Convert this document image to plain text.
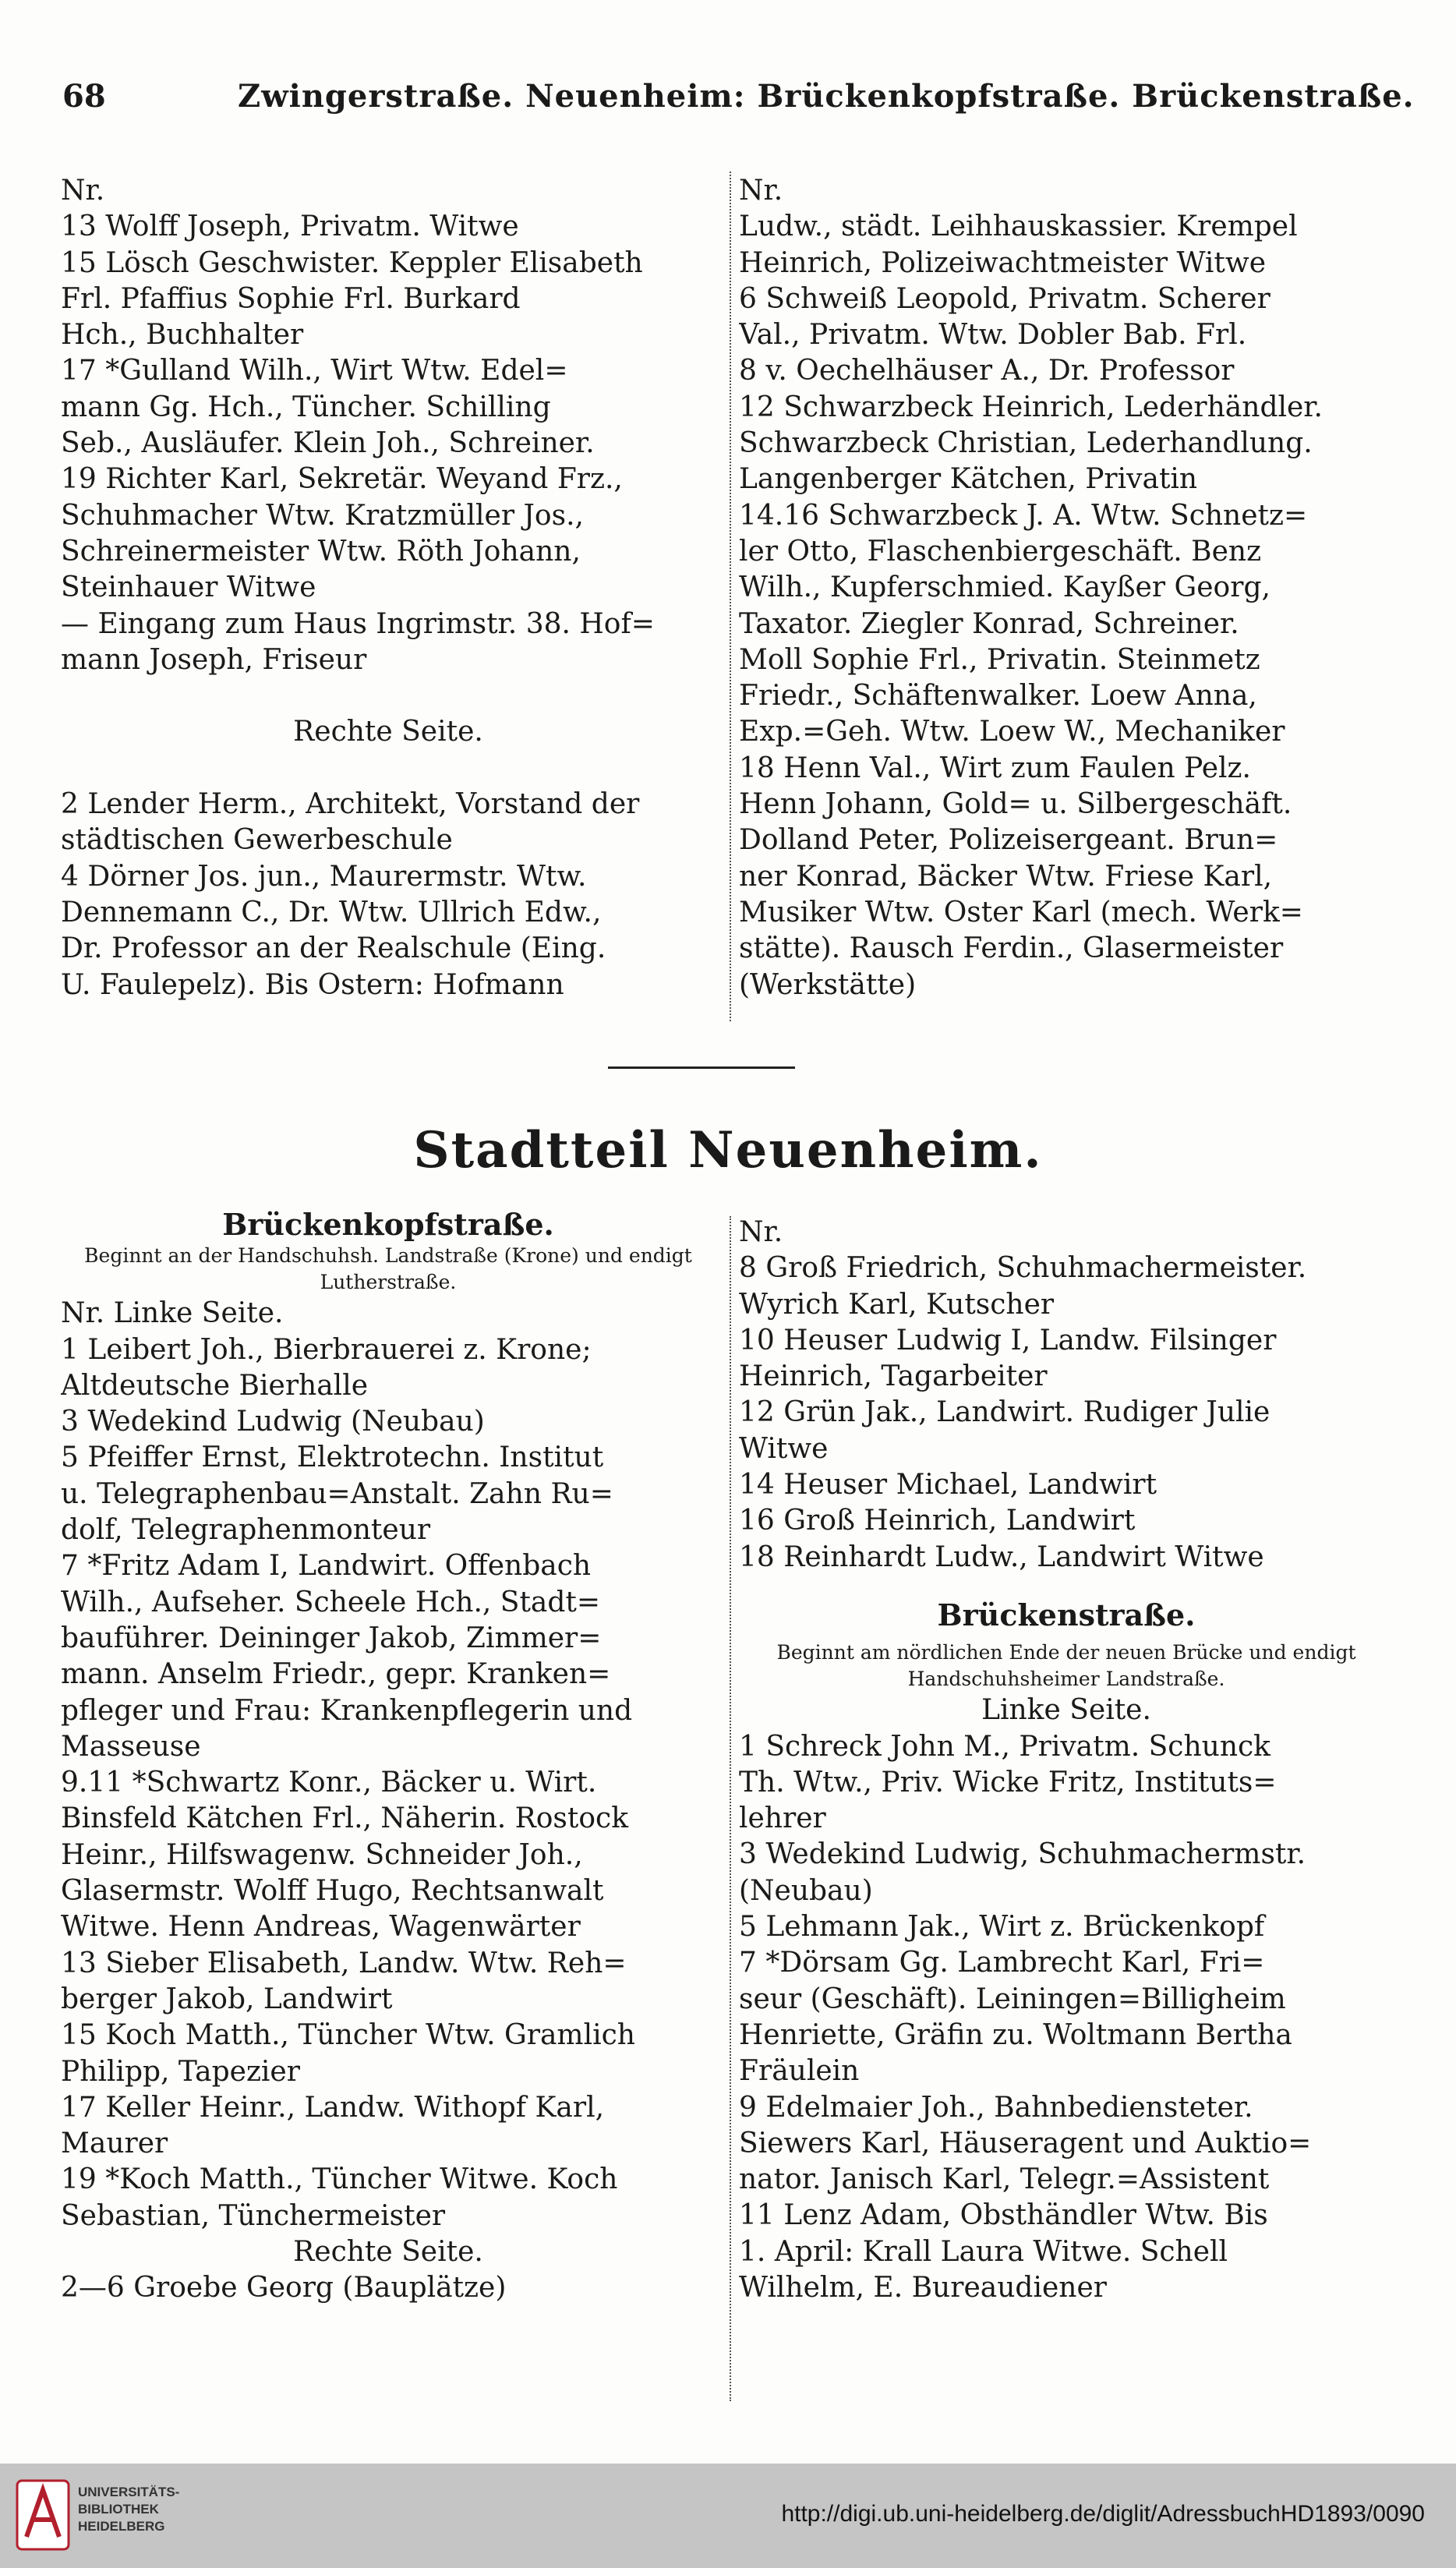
68	Zwingerstraße. Neuenheim: Brückenkopfstraße. Brückenstraße.
Nr.
13 Wolff Joseph, Privatm. Witwe
15 Lösch Geschwister. Keppler Elisabeth
Frl. Pfaffius Sophie Frl. Burkard
Hch., Buchhalter
17 *Gulland Wilh., Wirt Wtw. Edel=
mann Gg. Hch., Tüncher. Schilling
Seb., Ausläufer. Klein Joh., Schreiner.
19 Richter Karl, Sekretär. Weyand Frz.,
Schuhmacher Wtw. Kratzmüller Jos.,
Schreinermeister Wtw. Röth Johann,
Steinhauer Witwe
— Eingang zum Haus Ingrimstr. 38. Hof=
mann Joseph, Friseur

Rechte Seite.

2 Lender Herm., Architekt, Vorstand der
städtischen Gewerbeschule
4 Dörner Jos. jun., Maurermstr. Wtw.
Dennemann C., Dr. Wtw. Ullrich Edw.,
Dr. Professor an der Realschule (Eing.
U. Faulepelz). Bis Ostern: Hofmann
Nr.
Ludw., städt. Leihhauskassier. Krempel
Heinrich, Polizeiwachtmeister Witwe
6 Schweiß Leopold, Privatm. Scherer
Val., Privatm. Wtw. Dobler Bab. Frl.
8 v. Oechelhäuser A., Dr. Professor
12 Schwarzbeck Heinrich, Lederhändler.
Schwarzbeck Christian, Lederhandlung.
Langenberger Kätchen, Privatin
14.16 Schwarzbeck J. A. Wtw. Schnetz=
ler Otto, Flaschenbiergeschäft. Benz
Wilh., Kupferschmied. Kayßer Georg,
Taxator. Ziegler Konrad, Schreiner.
Moll Sophie Frl., Privatin. Steinmetz
Friedr., Schäftenwalker. Loew Anna,
Exp.=Geh. Wtw. Loew W., Mechaniker
18 Henn Val., Wirt zum Faulen Pelz.
Henn Johann, Gold= u. Silbergeschäft.
Dolland Peter, Polizeisergeant. Brun=
ner Konrad, Bäcker Wtw. Friese Karl,
Musiker Wtw. Oster Karl (mech. Werk=
stätte). Rausch Ferdin., Glasermeister
(Werkstätte)
Stadtteil Neuenheim.
Brückenkopfstraße.
Beginnt an der Handschuhsh. Landstraße (Krone) und endigt Lutherstraße.
Nr. Linke Seite.
1 Leibert Joh., Bierbrauerei z. Krone;
Altdeutsche Bierhalle
3 Wedekind Ludwig (Neubau)
5 Pfeiffer Ernst, Elektrotechn. Institut
u. Telegraphenbau=Anstalt. Zahn Ru=
dolf, Telegraphenmonteur
7 *Fritz Adam I, Landwirt. Offenbach
Wilh., Aufseher. Scheele Hch., Stadt=
bauführer. Deininger Jakob, Zimmer=
mann. Anselm Friedr., gepr. Kranken=
pfleger und Frau: Krankenpflegerin und
Masseuse
9.11 *Schwartz Konr., Bäcker u. Wirt.
Binsfeld Kätchen Frl., Näherin. Rostock
Heinr., Hilfswagenw. Schneider Joh.,
Glasermstr. Wolff Hugo, Rechtsanwalt
Witwe. Henn Andreas, Wagenwärter
13 Sieber Elisabeth, Landw. Wtw. Reh=
berger Jakob, Landwirt
15 Koch Matth., Tüncher Wtw. Gramlich
Philipp, Tapezier
17 Keller Heinr., Landw. Withopf Karl,
Maurer
19 *Koch Matth., Tüncher Witwe. Koch
Sebastian, Tünchermeister
Rechte Seite.
2—6 Groebe Georg (Bauplätze)
Nr.
8 Groß Friedrich, Schuhmachermeister.
Wyrich Karl, Kutscher
10 Heuser Ludwig I, Landw. Filsinger
Heinrich, Tagarbeiter
12 Grün Jak., Landwirt. Rudiger Julie
Witwe
14 Heuser Michael, Landwirt
16 Groß Heinrich, Landwirt
18 Reinhardt Ludw., Landwirt Witwe
Brückenstraße.
Beginnt am nördlichen Ende der neuen Brücke und endigt Handschuhsheimer Landstraße.
Linke Seite.
1 Schreck John M., Privatm. Schunck
Th. Wtw., Priv. Wicke Fritz, Instituts=
lehrer
3 Wedekind Ludwig, Schuhmachermstr.
(Neubau)
5 Lehmann Jak., Wirt z. Brückenkopf
7 *Dörsam Gg. Lambrecht Karl, Fri=
seur (Geschäft). Leiningen=Billigheim
Henriette, Gräfin zu. Woltmann Bertha
Fräulein
9 Edelmaier Joh., Bahnbediensteter.
Siewers Karl, Häuseragent und Auktio=
nator. Janisch Karl, Telegr.=Assistent
11 Lenz Adam, Obsthändler Wtw. Bis
1. April: Krall Laura Witwe. Schell
Wilhelm, E. Bureaudiener
UNIVERSITÄTS-
BIBLIOTHEK
HEIDELBERG	http://digi.ub.uni-heidelberg.de/diglit/AdressbuchHD1893/0090
